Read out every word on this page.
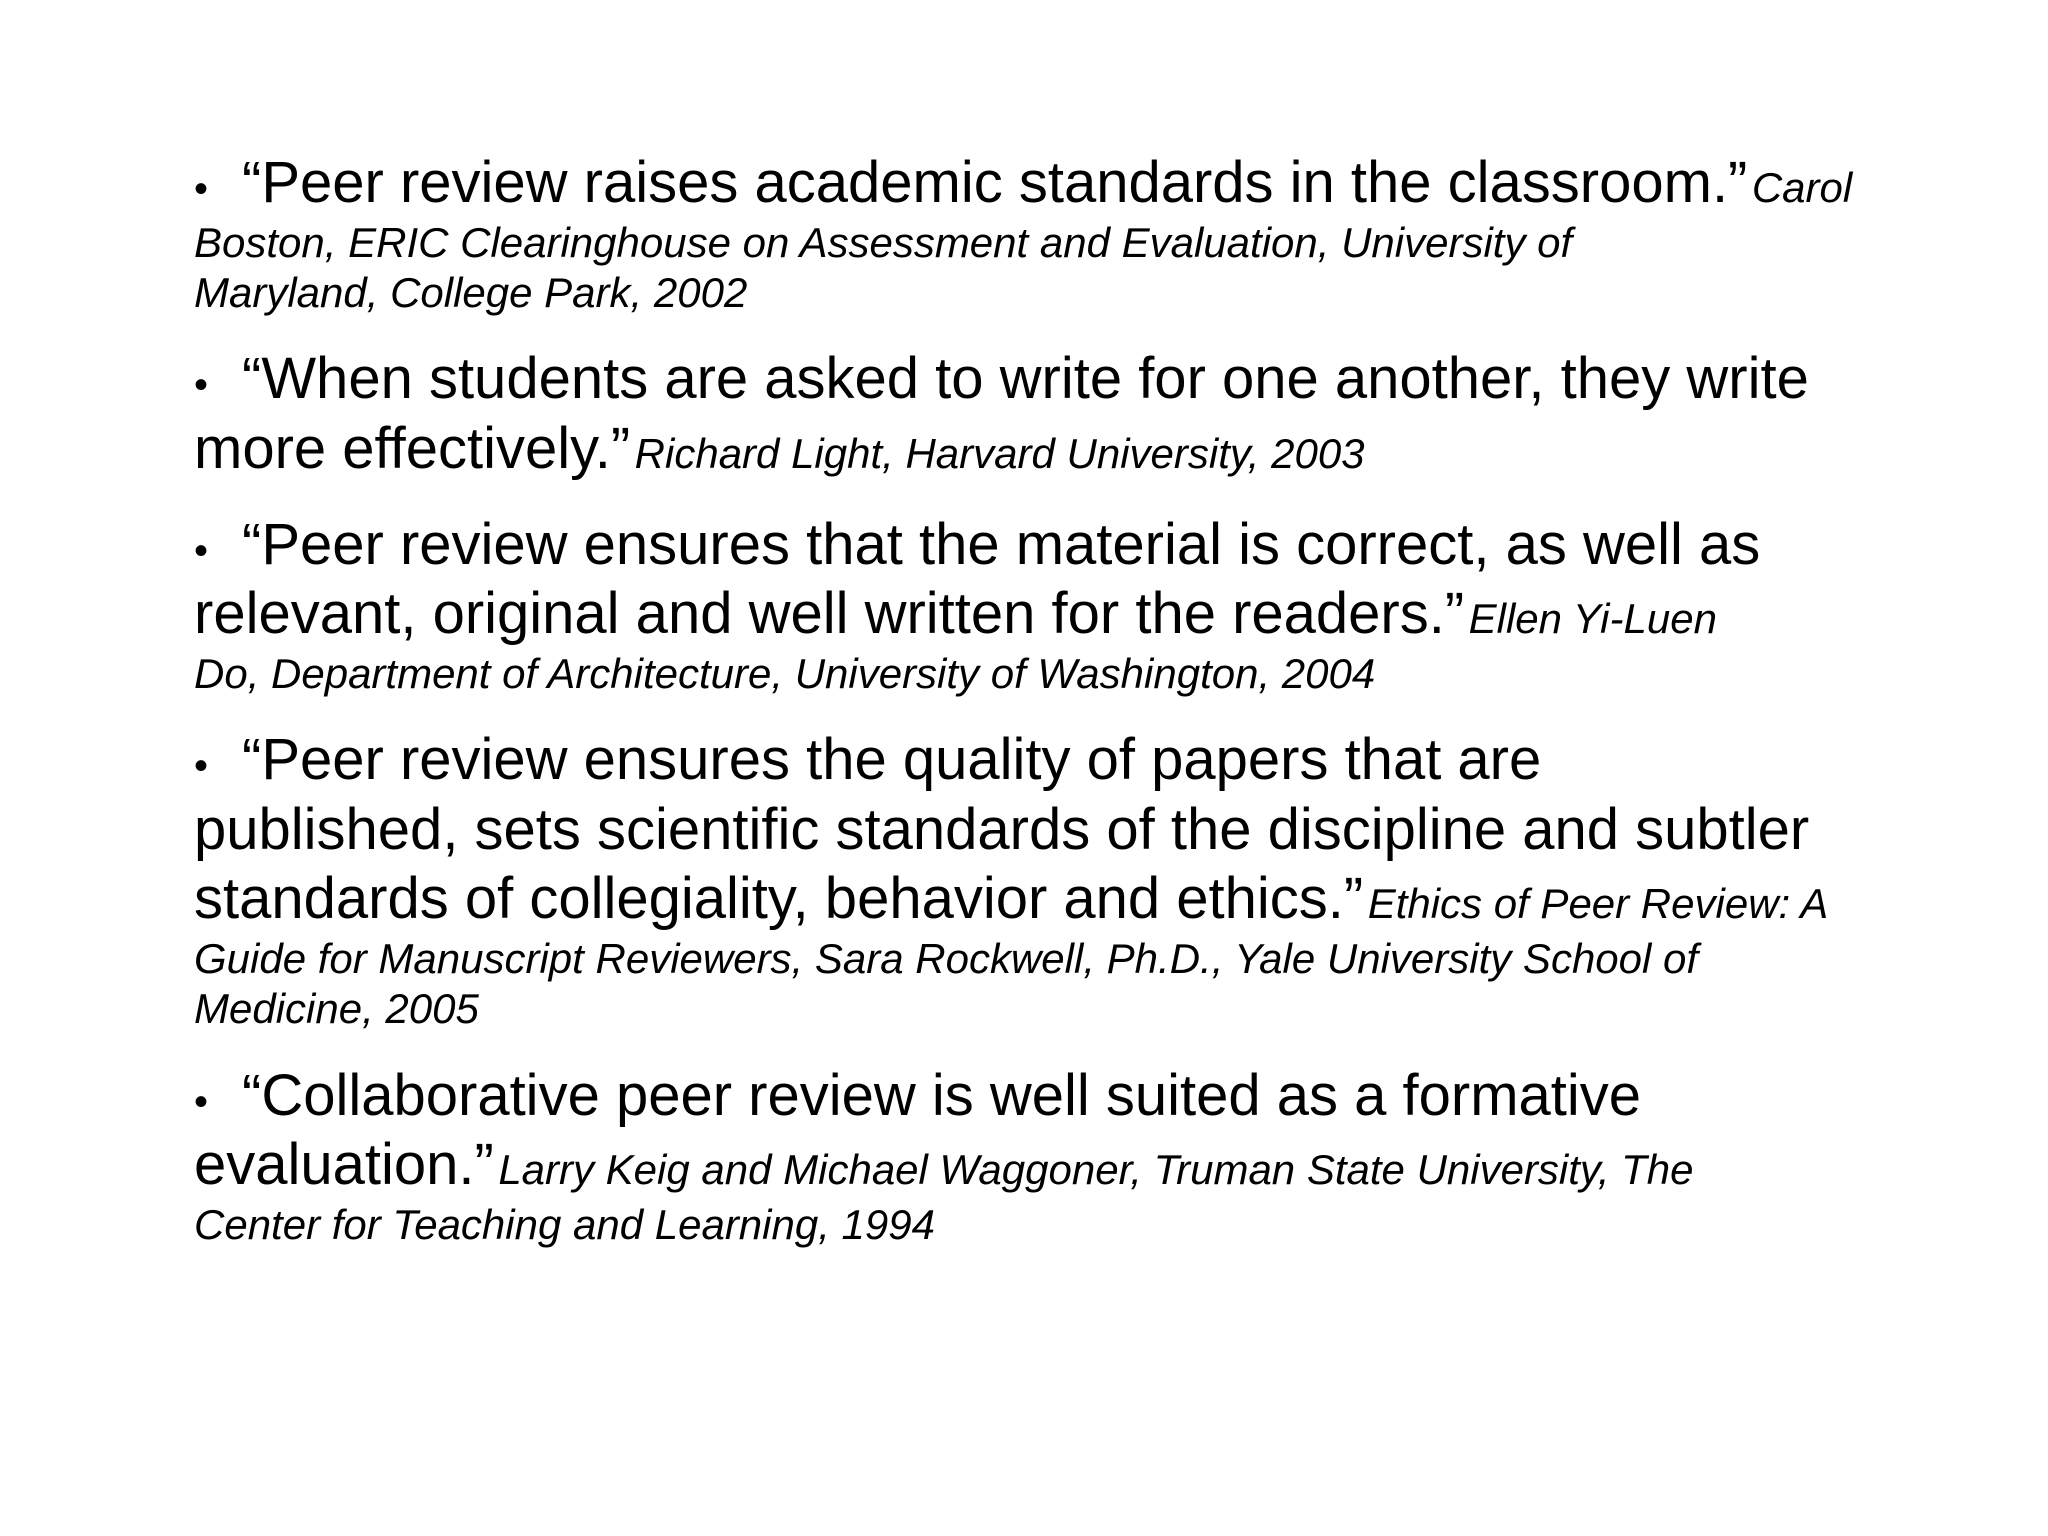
• “Peer review raises academic standards in the classroom.” Carol
Boston, ERIC Clearinghouse on Assessment and Evaluation, University of
Maryland, College Park, 2002

• “When students are asked to write for one another, they write
more effectively.” Richard Light, Harvard University, 2003

• “Peer review ensures that the material is correct, as well as
relevant, original and well written for the readers.” Ellen Yi-Luen
Do, Department of Architecture, University of Washington, 2004

• “Peer review ensures the quality of papers that are
published, sets scientific standards of the discipline and subtler
standards of collegiality, behavior and ethics.” Ethics of Peer Review: A
Guide for Manuscript Reviewers, Sara Rockwell, Ph.D., Yale University School of
Medicine, 2005

• “Collaborative peer review is well suited as a formative
evaluation.” Larry Keig and Michael Waggoner, Truman State University, The
Center for Teaching and Learning, 1994
